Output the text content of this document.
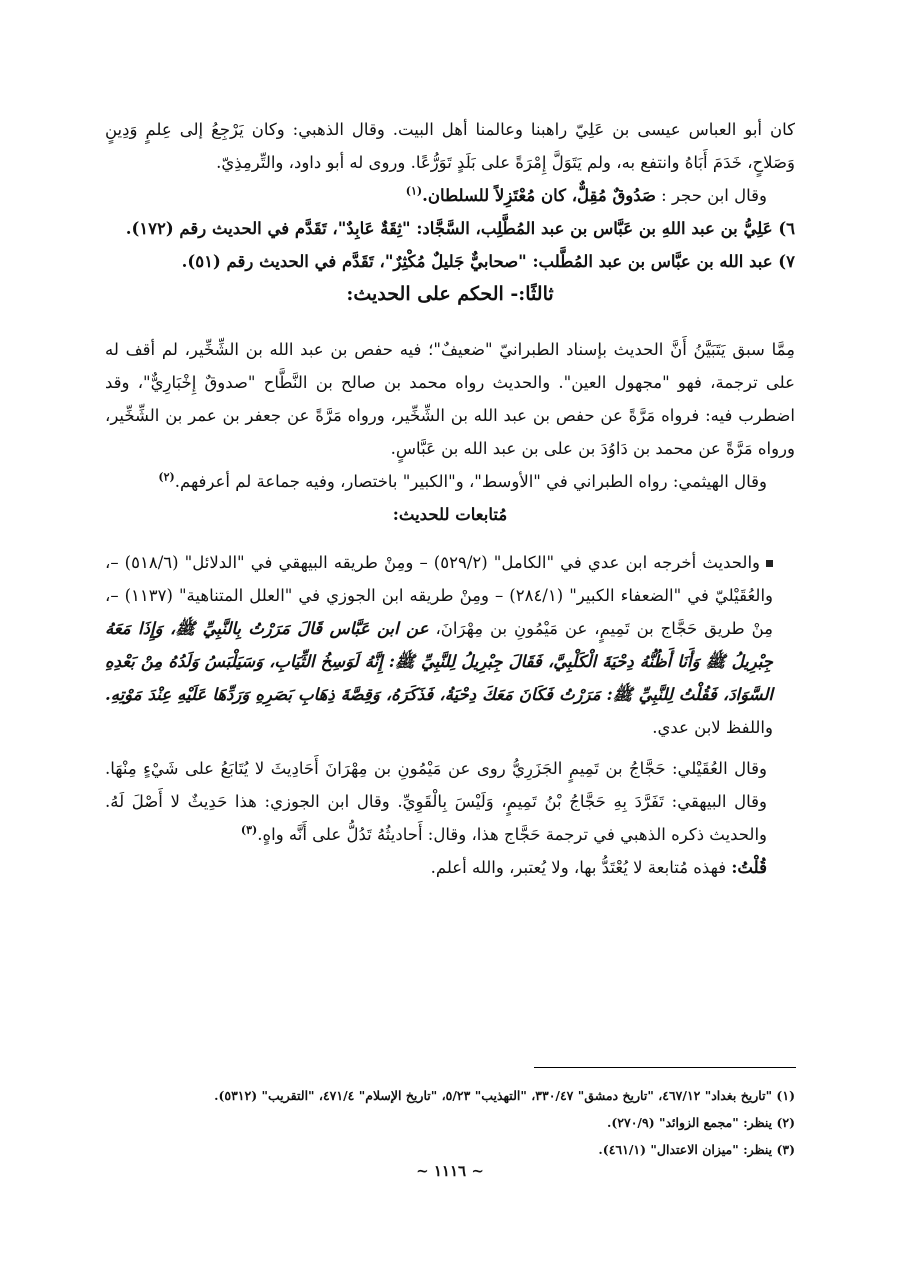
كان أبو العباس عيسى بن عَلِيّ راهبنا وعالمنا أهل البيت. وقال الذهبي: وكان يَرْجِعُ إلى عِلمٍ وَدِينٍ وَصَلاحٍ، خَدَمَ أَبَاهُ وانتفع به، ولم يَتَوَلَّ إِمْرَةً على بَلَدٍ تَوَرُّعًا. وروى له أبو داود، والتِّرمِذِيّ.

وقال ابن حجر : صَدُوقٌ مُقِلٌّ، كان مُعْتَزِلاً للسلطان.$^{(١)}$

٦) عَلِيُّ بن عبد اللهِ بن عَبَّاس بن عبد المُطَّلِب، السَّجَّاد: "ثِقَةٌ عَابِدٌ"، تَقَدَّم في الحديث رقم (١٧٢).

٧) عبد الله بن عبَّاس بن عبد المُطَّلب: "صحابيٌّ جَليلٌ مُكْثِرٌ"، تَقَدَّم في الحديث رقم (٥١).

ثالثًا:- الحكم على الحديث:

مِمَّا سبق يَتَبَيَّنُ أَنَّ الحديث بإسناد الطبرانيّ "ضعيفٌ"؛ فيه حفص بن عبد الله بن الشِّخِّير، لم أقف له على ترجمة، فهو "مجهول العين". والحديث رواه محمد بن صالح بن النَّطَّاح "صدوقٌ إِخْبَارِيٌّ"، وقد اضطرب فيه: فرواه مَرَّةً عن حفص بن عبد الله بن الشِّخِّير، ورواه مَرَّةً عن جعفر بن عمر بن الشِّخِّير، ورواه مَرَّةً عن محمد بن دَاوُدَ بن على بن عبد الله بن عَبَّاسٍ.

وقال الهيثمي: رواه الطبراني في "الأوسط"، و"الكبير" باختصار، وفيه جماعة لم أعرفهم.$^{(٢)}$

مُتابعات للحديث:

والحديث أخرجه ابن عدي في "الكامل" (٥٢٩/٢) – ومِنْ طريقه البيهقي في "الدلائل" (٥١٨/٦) –، والعُقَيْليّ في "الضعفاء الكبير" (٢٨٤/١) – ومِنْ طريقه ابن الجوزي في "العلل المتناهية" (١١٣٧) –، مِنْ طريق حَجَّاج بن تَمِيمٍ، عن مَيْمُونِ بن مِهْرَانَ، عن ابن عَبَّاس قَالَ مَرَرْتُ بِالنَّبِيِّ ﷺ، وَإِذَا مَعَهُ جِبْرِيلُ ﷺ وَأَنَا أَظُنُّهُ دِحْيَةَ الْكَلْبِيَّ، فَقَالَ جِبْرِيلُ لِلنَّبِيِّ ﷺ: إِنَّهُ لَوَسِخُ الثِّيَابِ، وَسَيَلْبَسُ وَلَدُهُ مِنْ بَعْدِهِ السَّوَادَ، فَقُلْتُ لِلنَّبِيِّ ﷺ: مَرَرْتُ فَكَانَ مَعَكَ دِحْيَةُ، فَذَكَرَهُ، وَقِصَّةَ ذِهَابِ بَصَرِهِ وَرَدِّهَا عَلَيْهِ عِنْدَ مَوْتِهِ. واللفظ لابن عدي.

وقال العُقَيْلي: حَجَّاجُ بن تَمِيمٍ الجَزَرِيُّ روى عن مَيْمُونِ بن مِهْرَانَ أَحَادِيثَ لا يُتَابَعُ على شَيْءٍ مِنْهَا. وقال البيهقي: تَفَرَّدَ بِهِ حَجَّاجُ بْنُ تَمِيمٍ، وَلَيْسَ بِالْقَوِيِّ. وقال ابن الجوزي: هذا حَدِيثٌ لا أَصْلَ لَهُ. والحديث ذكره الذهبي في ترجمة حَجَّاج هذا، وقال: أَحاديثُهُ تَدُلُّ على أَنَّه واهٍ.$^{(٣)}$

قُلْتُ: فهذه مُتابعة لا يُعْتَدُّ بها، ولا يُعتبر، والله أعلم.

(١) "تاريخ بغداد" ٤٦٧/١٢، "تاريخ دمشق" ٣٣٠/٤٧، "التهذيب" ٥/٢٣، "تاريخ الإسلام" ٤٧١/٤، "التقريب" (٥٣١٢).

(٢) ينظر: "مجمع الزوائد" (٢٧٠/٩).

(٣) ينظر: "ميزان الاعتدال" (٤٦١/١).

~ ١١١٦ ~
